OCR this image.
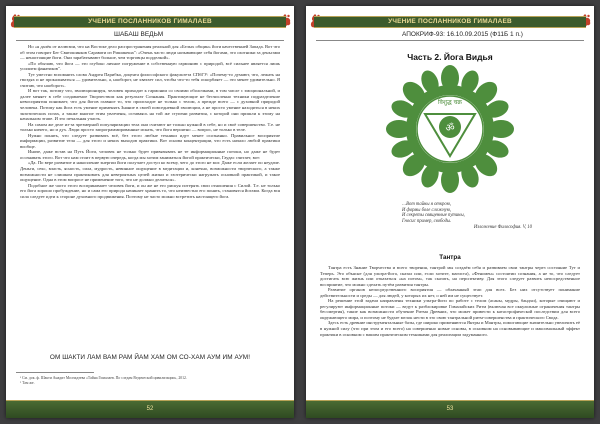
УЧЕНИЕ ПОСЛАННИКОВ ГИМАЛАЕВ
ШАБАШ ВЕДЬМ

Но «я далёк от иллюзии, что на Востоке дело распространения реальной для «Белых общин» йоги качественней Запада. Вот что об этом говорит Бег Святошинков Саравати из Ришикеша": «Очень часто люди называющие себя йогами, это охотники за деньгами — ненастоящие йоги. Они зарабатывают больше, чем торговцы подделкой».

«По обычаю, что йога — это глубоко личное погружение в собственную гармонию с природой, всё сильнее является лишь усилием фанатиков".

Тут уместно вспомнить слова Андрея Парибка, доцента философского факультета СПбГУ: «Почему-то думают, что, лежать на гвоздях и не прокалываться — удивительно, а, наоборот, не хватает сил, чтобы что-то тебя оскорбляет — это менее удивительно. Я считаю, что наоборот».

И вот так, потому что, эволюционируя, человек приходит к гармонии со своими оболочками, в том числе с эмоциональной, и далее меняет в себе создаваемое Творчеством как результат Сознания. Практикующие не бесчисленно техники подразделение невосприятия понимает, что для йогов главное то, что происходит не только с телом, а прежде всего — с духовной природой человека. Потому как йога есть умение применять Знание в своей повседневной эволюции, а не просто умение находиться в неких экзотических позах, а также многие этим увлечены, оставаясь на той же ступени развития, с которой они пришли к этому на начальном этапе. И это печальная участь.

На самом же деле из-за чрезмерной популяризации тела они считают не только нужной в себе, но и своё совершенство. Т.е. не только ничего, но и дух. Люди просто запрограммированные искать, что йога вероятно — вопрос, не только в теле.

Нужно понять, что следует развивать всё, без этого любые техники идут менее осознанно. Правильное восприятие информации, развитие тела — для этого и неких выходов практики. Вот основа концентрации, что есть начало любой практики вообще.

Иначе, даже встав на Путь Йоги, человек не только будет привязывать не те информационные потоки, но даже не будет осознавать этого. Вот что нам стоит в первую очередь, когда мы хотим заниматься йогой практически, Гаудас считает, вот:

«Да. По вере развитие и накопление энергии йоги получает доступ ко всему, чего до этого не мог. Даже если желает по неудаче. Деньги, секс, власть, ясность, сила, мудрость, невинное ощущение в медитации и, конечно, возможности творческого, а также возможности не слишком практиковать для невероятных целей жизни и эзотерически нагружать основной практикой, и такое ощущение. Одна в этом вопросе не применение того, что не должно делиться».

Подобное же часто этого воспринимает человек йоги, и он же не его рискуя потерять свои отношения с Силой. Т.е. не только его йога хорошо пробуждение, но и сама его природа начинает хранить то, что неизвестно его понять, становятся йогами. Когда вся сила следует идти к стороне духовного продвижения. Поэтому не часто можно встретить настоящего йога.

ОМ ШАКТИ ЛАМ ВАМ РАМ ЙАМ ХАМ ОМ СО-ХАМ АУМ ИМ АУМ!
¹ См. док. ф. Шакти Анадит Молчадзева «Тайна Гималаев. По следам Ведической цивилизации», 2012.
² Там же.
52
УЧЕНИЕ ПОСЛАННИКОВ ГИМАЛАЕВ
АПОКРИФ-93: 16.10.09.2015 (Ф11Б 1 п.)
Часть 2. Йога Видья
ॐ
विशुद्ध चक्र
…Вот тайны я открою,
И формы боле сложную,
И секреты священные путины,
Гносис пример, свободы.
Изложение Философия. V, 10
Тантра

Тантра есть Знание Творчества и всего творения, тантрой мы создаём себя и развиваем свои тантры через состояние Тут и Теперь. Это объясне (для ультра-йога, сказал или, если хотите, магиста), «Феномен» состоятии сознания, а не то, что следует достигать всю жизнь или отказаться «на потом», так сказать, на перспективу. Для этого следует развить непосредственное восприятие, что можно сделать путём развития тантры.

Развитие органов непосредственного восприятия — облачанный этап для всех. Без них отсутствует понимание действительности и среды — для людей, у которых их нет, о ней им не существует.

На решение этой задачи направлены техники ультра-йоги по работе с телом (асаны, мудры, бандхи), которые очищают и регулируют информационные потоки — ведут к разблокировке Гималайских Ритм (включая все оккультные ограничения тантры бессмертия), такие как возможности обучение Ритма Древних, что может привести к катастрофической последствии для всего окружающего мира, и поэтому не будьте мелок нести в это свою тантральной ритм-совершенства и практического Свода.

Здесь есть древние инструментальные базы, где широко применяются Янтры и Мантры, помогающие значительно увеличить её в нужной силу (что при этом и его всего) на совершенно новые основы, в основном на основывающие и максимальный эффект практики в основном с вашим практическим техниками для реализации задуманного.

53
